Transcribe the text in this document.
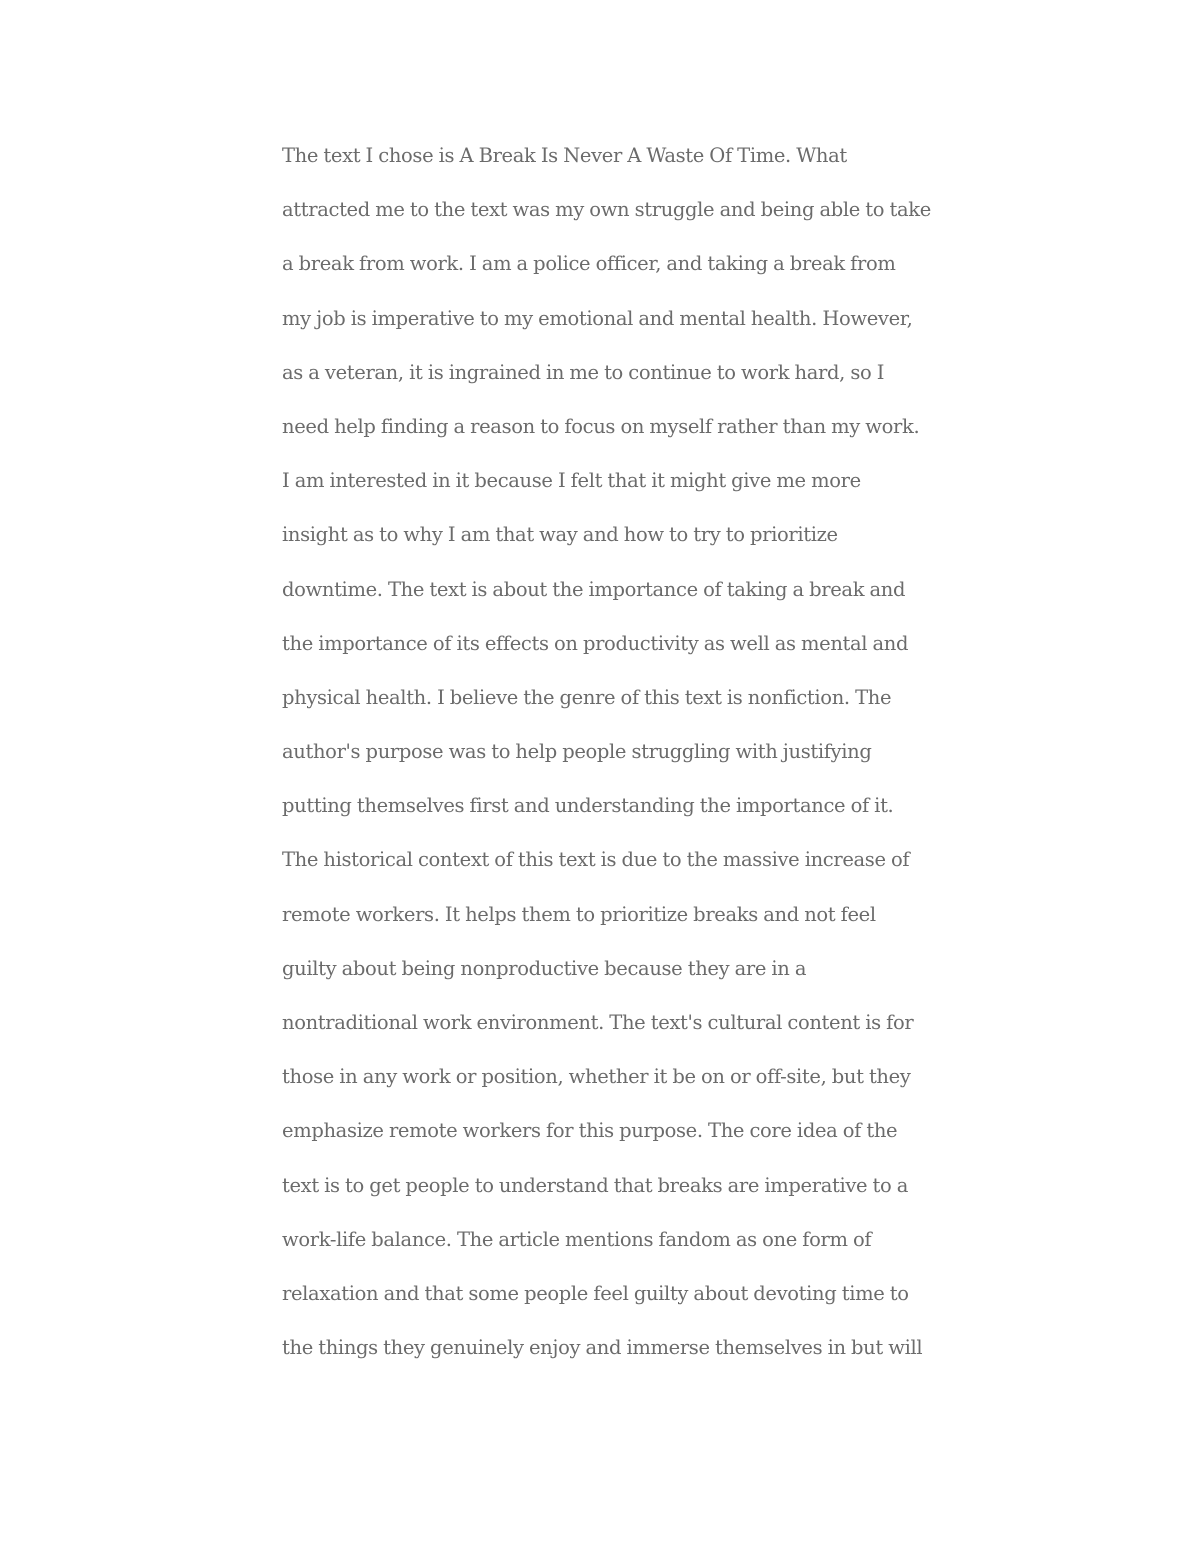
The text I chose is A Break Is Never A Waste Of Time. What
attracted me to the text was my own struggle and being able to take
a break from work. I am a police officer, and taking a break from
my job is imperative to my emotional and mental health. However,
as a veteran, it is ingrained in me to continue to work hard, so I
need help finding a reason to focus on myself rather than my work.
I am interested in it because I felt that it might give me more
insight as to why I am that way and how to try to prioritize
downtime. The text is about the importance of taking a break and
the importance of its effects on productivity as well as mental and
physical health. I believe the genre of this text is nonfiction. The
author's purpose was to help people struggling with justifying
putting themselves first and understanding the importance of it.
The historical context of this text is due to the massive increase of
remote workers. It helps them to prioritize breaks and not feel
guilty about being nonproductive because they are in a
nontraditional work environment. The text's cultural content is for
those in any work or position, whether it be on or off-site, but they
emphasize remote workers for this purpose. The core idea of the
text is to get people to understand that breaks are imperative to a
work-life balance. The article mentions fandom as one form of
relaxation and that some people feel guilty about devoting time to
the things they genuinely enjoy and immerse themselves in but will
